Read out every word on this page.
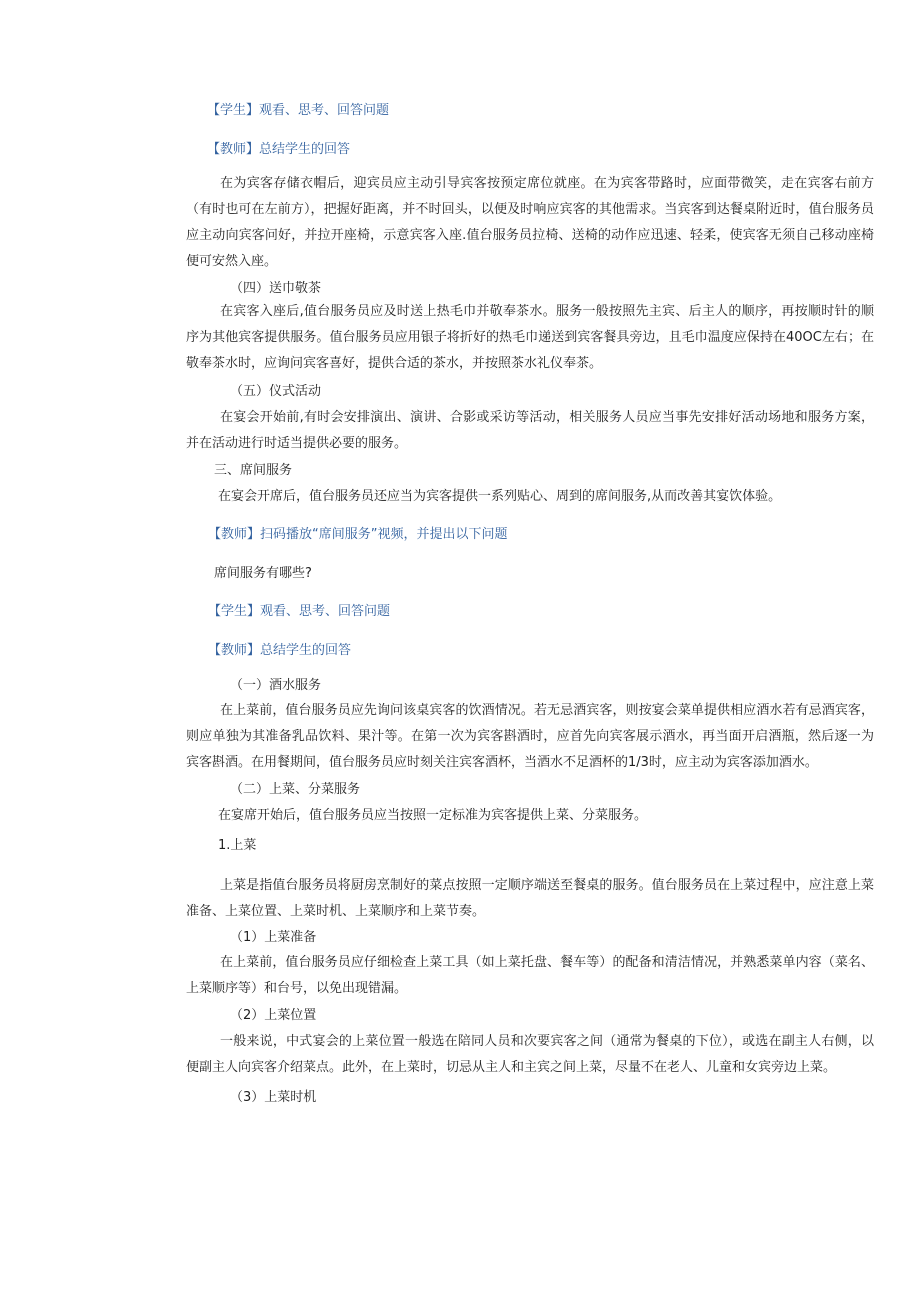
【学生】观看、思考、回答问题
【教师】总结学生的回答
在为宾客存储衣帽后，迎宾员应主动引导宾客按预定席位就座。在为宾客带路时，应面带微笑，走在宾客右前方（有时也可在左前方），把握好距离，并不时回头，以便及时响应宾客的其他需求。当宾客到达餐桌附近时，值台服务员应主动向宾客问好，并拉开座椅，示意宾客入座.值台服务员拉椅、送椅的动作应迅速、轻柔，使宾客无须自己移动座椅便可安然入座。
（四）送巾敬茶
在宾客入座后,值台服务员应及时送上热毛巾并敬奉茶水。服务一般按照先主宾、后主人的顺序，再按顺时针的顺序为其他宾客提供服务。值台服务员应用银子将折好的热毛巾递送到宾客餐具旁边，且毛巾温度应保持在40OC左右；在敬奉茶水时，应询问宾客喜好，提供合适的茶水，并按照茶水礼仪奉茶。
（五）仪式活动
在宴会开始前,有时会安排演出、演讲、合影或采访等活动，相关服务人员应当事先安排好活动场地和服务方案，并在活动进行时适当提供必要的服务。
三、席间服务
在宴会开席后，值台服务员还应当为宾客提供一系列贴心、周到的席间服务,从而改善其宴饮体验。
【教师】扫码播放“席间服务”视频，并提出以下问题
席间服务有哪些?
【学生】观看、思考、回答问题
【教师】总结学生的回答
（一）酒水服务
在上菜前，值台服务员应先询问该桌宾客的饮酒情况。若无忌酒宾客，则按宴会菜单提供相应酒水若有忌酒宾客，则应单独为其准备乳品饮料、果汁等。在第一次为宾客斟酒时，应首先向宾客展示酒水，再当面开启酒瓶，然后逐一为宾客斟酒。在用餐期间，值台服务员应时刻关注宾客酒杯，当酒水不足酒杯的1/3时，应主动为宾客添加酒水。
（二）上菜、分菜服务
在宴席开始后，值台服务员应当按照一定标准为宾客提供上菜、分菜服务。
1.上菜
上菜是指值台服务员将厨房烹制好的菜点按照一定顺序端送至餐桌的服务。值台服务员在上菜过程中，应注意上菜准备、上菜位置、上菜时机、上菜顺序和上菜节奏。
（1）上菜准备
在上菜前，值台服务员应仔细检查上菜工具（如上菜托盘、餐车等）的配备和清洁情况，并熟悉菜单内容（菜名、上菜顺序等）和台号，以免出现错漏。
（2）上菜位置
一般来说，中式宴会的上菜位置一般选在陪同人员和次要宾客之间（通常为餐桌的下位），或选在副主人右侧，以便副主人向宾客介绍菜点。此外，在上菜时，切忌从主人和主宾之间上菜，尽量不在老人、儿童和女宾旁边上菜。
（3）上菜时机
